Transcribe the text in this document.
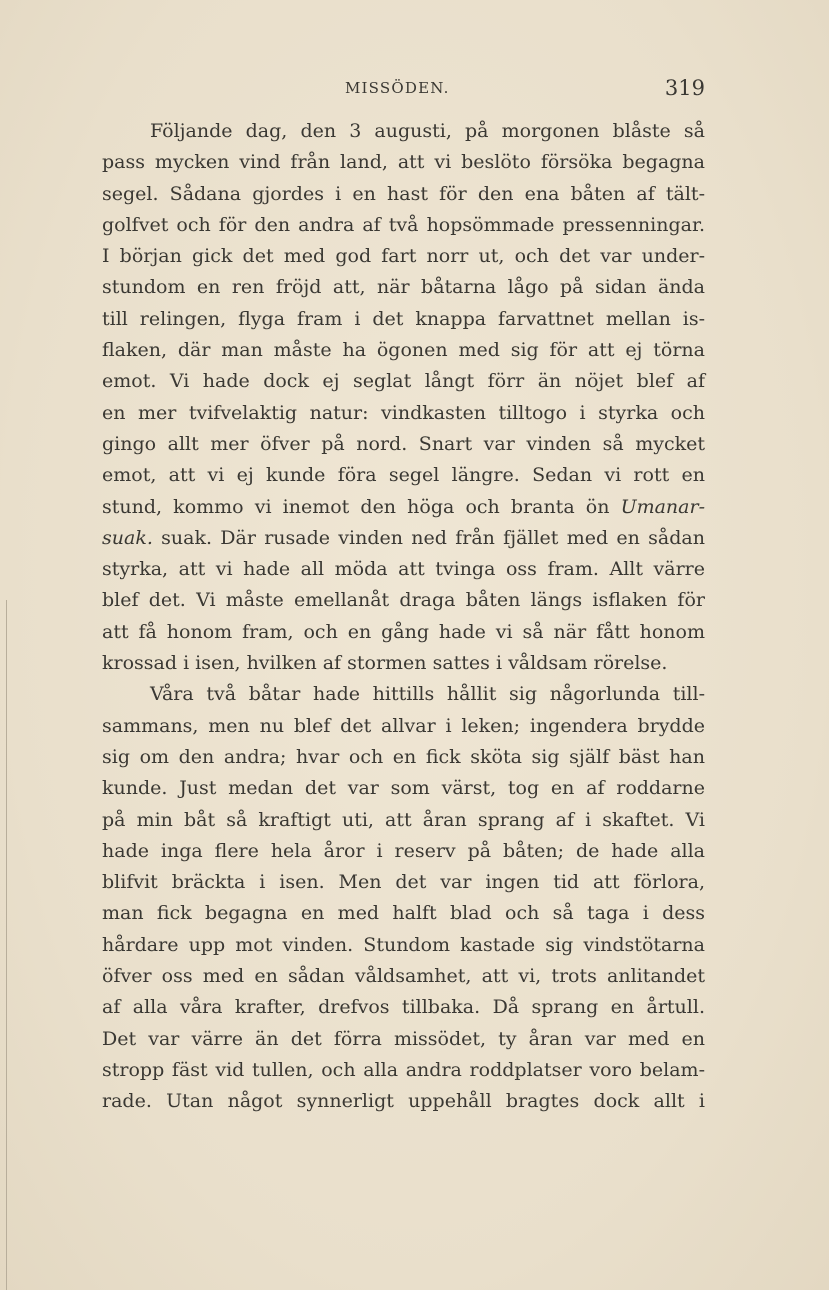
MISSÖDEN.	319
Följande dag, den 3 augusti, på morgonen blåste så
pass mycken vind från land, att vi beslöto försöka begagna
segel. Sådana gjordes i en hast för den ena båten af tält-
golfvet och för den andra af två hopsömmade pressenningar.
I början gick det med god fart norr ut, och det var under-
stundom en ren fröjd att, när båtarna lågo på sidan ända
till relingen, flyga fram i det knappa farvattnet mellan is-
flaken, där man måste ha ögonen med sig för att ej törna
emot. Vi hade dock ej seglat långt förr än nöjet blef af
en mer tvifvelaktig natur: vindkasten tilltogo i styrka och
gingo allt mer öfver på nord. Snart var vinden så mycket
emot, att vi ej kunde föra segel längre. Sedan vi rott en
stund, kommo vi inemot den höga och branta ön Umanar-
suak. suak. Där rusade vinden ned från fjället med en sådan
styrka, att vi hade all möda att tvinga oss fram. Allt värre
blef det. Vi måste emellanåt draga båten längs isflaken för
att få honom fram, och en gång hade vi så när fått honom
krossad i isen, hvilken af stormen sattes i våldsam rörelse.
Våra två båtar hade hittills hållit sig någorlunda till-
sammans, men nu blef det allvar i leken; ingendera brydde
sig om den andra; hvar och en fick sköta sig själf bäst han
kunde. Just medan det var som värst, tog en af roddarne
på min båt så kraftigt uti, att åran sprang af i skaftet. Vi
hade inga flere hela åror i reserv på båten; de hade alla
blifvit bräckta i isen. Men det var ingen tid att förlora,
man fick begagna en med halft blad och så taga i dess
hårdare upp mot vinden. Stundom kastade sig vindstötarna
öfver oss med en sådan våldsamhet, att vi, trots anlitandet
af alla våra krafter, drefvos tillbaka. Då sprang en årtull.
Det var värre än det förra missödet, ty åran var med en
stropp fäst vid tullen, och alla andra roddplatser voro belam-
rade. Utan något synnerligt uppehåll bragtes dock allt i
